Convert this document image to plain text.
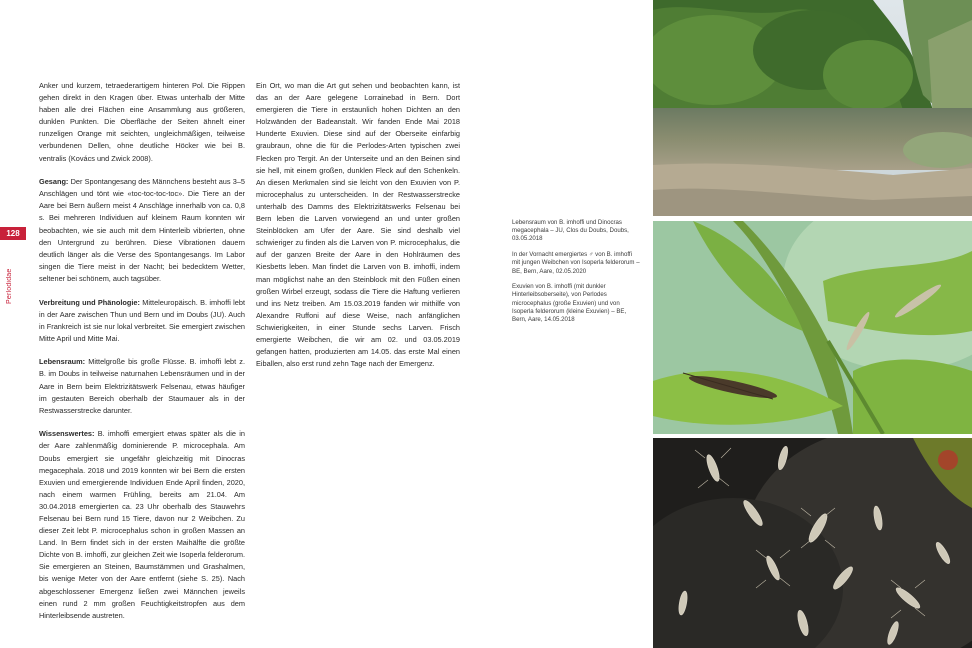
128
Perlodidae

Anker und kurzem, tetraederartigem hinteren Pol. Die Rippen gehen direkt in den Kragen über. Etwas unterhalb der Mitte haben alle drei Flächen eine Ansammlung aus größeren, dunklen Punkten. Die Oberfläche der Seiten ähnelt einer runzeligen Orange mit seichten, ungleichmäßigen, teilweise verbundenen Dellen, ohne deutliche Höcker wie bei B. ventralis (Kovács und Zwick 2008).

Gesang: Der Spontangesang des Männchens besteht aus 3–5 Anschlägen und tönt wie «toc-toc-toc-toc». Die Tiere an der Aare bei Bern äußern meist 4 Anschläge innerhalb von ca. 0,8 s. Bei mehreren Individuen auf kleinem Raum konnten wir beobachten, wie sie auch mit dem Hinterleib vibrierten, ohne den Untergrund zu berühren. Diese Vibrationen dauern deutlich länger als die Verse des Spontangesangs. Im Labor singen die Tiere meist in der Nacht; bei bedecktem Wetter, seltener bei schönem, auch tagsüber.

Verbreitung und Phänologie: Mitteleuropäisch. B. imhoffi lebt in der Aare zwischen Thun und Bern und im Doubs (JU). Auch in Frankreich ist sie nur lokal verbreitet. Sie emergiert zwischen Mitte April und Mitte Mai.

Lebensraum: Mittelgroße bis große Flüsse. B. imhoffi lebt z. B. im Doubs in teilweise naturnahen Lebensräumen und in der Aare in Bern beim Elektrizitätswerk Felsenau, etwas häufiger im gestauten Bereich oberhalb der Staumauer als in der Restwasserstrecke darunter.

Wissenswertes: B. imhoffi emergiert etwas später als die in der Aare zahlenmäßig dominierende P. microcephala. Am Doubs emergiert sie ungefähr gleichzeitig mit Dinocras megacephala. 2018 und 2019 konnten wir bei Bern die ersten Exuvien und emergierende Individuen Ende April finden, 2020, nach einem warmen Frühling, bereits am 21.04. Am 30.04.2018 emergierten ca. 23 Uhr oberhalb des Stauwehrs Felsenau bei Bern rund 15 Tiere, davon nur 2 Weibchen. Zu dieser Zeit lebt P. microcephalus schon in großen Massen an Land. In Bern findet sich in der ersten Maihälfte die größte Dichte von B. imhoffi, zur gleichen Zeit wie Isoperla felderorum. Sie emergieren an Steinen, Baumstämmen und Grashalmen, bis wenige Meter von der Aare entfernt (siehe S. 25). Nach abgeschlossener Emergenz ließen zwei Männchen jeweils einen rund 2 mm großen Feuchtigkeitstropfen aus dem Hinterleibsende austreten.

Ein Ort, wo man die Art gut sehen und beobachten kann, ist das an der Aare gelegene Lorrainebad in Bern. Dort emergieren die Tiere in erstaunlich hohen Dichten an den Holzwänden der Badeanstalt. Wir fanden Ende Mai 2018 Hunderte Exuvien. Diese sind auf der Oberseite einfarbig graubraun, ohne die für die Perlodes-Arten typischen zwei Flecken pro Tergit. An der Unterseite und an den Beinen sind sie hell, mit einem großen, dunklen Fleck auf den Schenkeln. An diesen Merkmalen sind sie leicht von den Exuvien von P. microcephalus zu unterscheiden. In der Restwasserstrecke unterhalb des Damms des Elektrizitätswerks Felsenau bei Bern leben die Larven vorwiegend an und unter großen Steinblöcken am Ufer der Aare. Sie sind deshalb viel schwieriger zu finden als die Larven von P. microcephalus, die auf der ganzen Breite der Aare in den Hohlräumen des Kiesbetts leben. Man findet die Larven von B. imhoffi, indem man möglichst nahe an den Steinblock mit den Füßen einen großen Wirbel erzeugt, sodass die Tiere die Haftung verlieren und ins Netz treiben. Am 15.03.2019 fanden wir mithilfe von Alexandre Ruffoni auf diese Weise, nach anfänglichen Schwierigkeiten, in einer Stunde sechs Larven. Frisch emergierte Weibchen, die wir am 02. und 03.05.2019 gefangen hatten, produzierten am 14.05. das erste Mal einen Eiballen, also erst rund zehn Tage nach der Emergenz.

Lebensraum von B. imhoffi und Dinocras megacephala – JU, Clos du Doubs, Doubs, 03.05.2018

In der Vornacht emergiertes ♂ von B. imhoffi mit jungen Weibchen von Isoperla felderorum – BE, Bern, Aare, 02.05.2020

Exuvien von B. imhoffi (mit dunkler Hinterleibsoberseite), von Perlodes microcephalus (große Exuvien) und von Isoperla felderorum (kleine Exuvien) – BE, Bern, Aare, 14.05.2018
